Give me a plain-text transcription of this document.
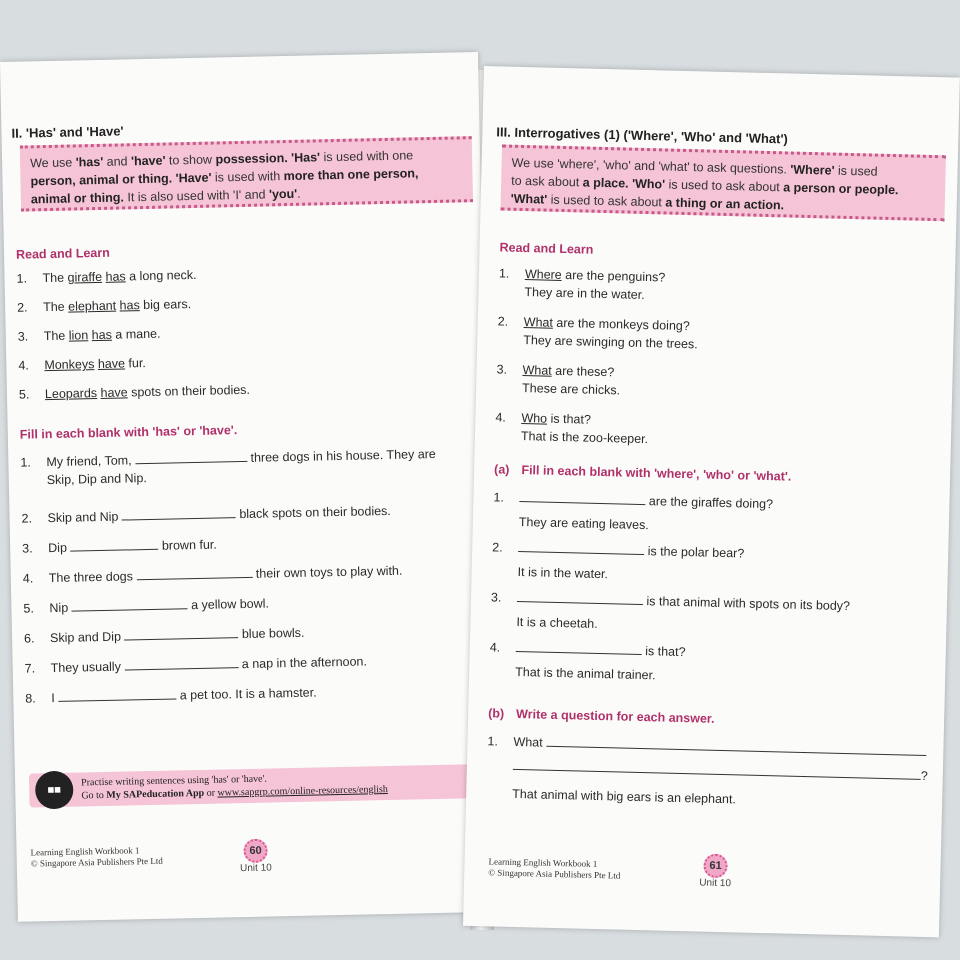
II. 'Has' and 'Have'
We use 'has' and 'have' to show possession. 'Has' is used with one
person, animal or thing. 'Have' is used with more than one person,
animal or thing. It is also used with 'I' and 'you'.
Read and Learn
1. The giraffe has a long neck.
2. The elephant has big ears.
3. The lion has a mane.
4. Monkeys have fur.
5. Leopards have spots on their bodies.
Fill in each blank with 'has' or 'have'.
1. My friend, Tom,	three dogs in his house. They are
Skip, Dip and Nip.
2. Skip and Nip	black spots on their bodies.
3. Dip	brown fur.
4. The three dogs	their own toys to play with.
5. Nip	a yellow bowl.
6. Skip and Dip	blue bowls.
7. They usually	a nap in the afternoon.
8. I	a pet too. It is a hamster.
◼◼
Practise writing sentences using 'has' or 'have'.
Go to My SAPeducation App or www.sapgrp.com/online-resources/english
Learning English Workbook 1
© Singapore Asia Publishers Pte Ltd
60
Unit 10
III. Interrogatives (1) ('Where', 'Who' and 'What')
We use 'where', 'who' and 'what' to ask questions. 'Where' is used
to ask about a place. 'Who' is used to ask about a person or people.
'What' is used to ask about a thing or an action.
Read and Learn
1. Where are the penguins?
They are in the water.
2. What are the monkeys doing?
They are swinging on the trees.
3. What are these?
These are chicks.
4. Who is that?
That is the zoo-keeper.
(a) Fill in each blank with 'where', 'who' or 'what'.
1.	are the giraffes doing?
They are eating leaves.
2.	is the polar bear?
It is in the water.
3.	is that animal with spots on its body?
It is a cheetah.
4.	is that?
That is the animal trainer.
(b) Write a question for each answer.
1. What
?
That animal with big ears is an elephant.
Learning English Workbook 1
© Singapore Asia Publishers Pte Ltd
61
Unit 10
